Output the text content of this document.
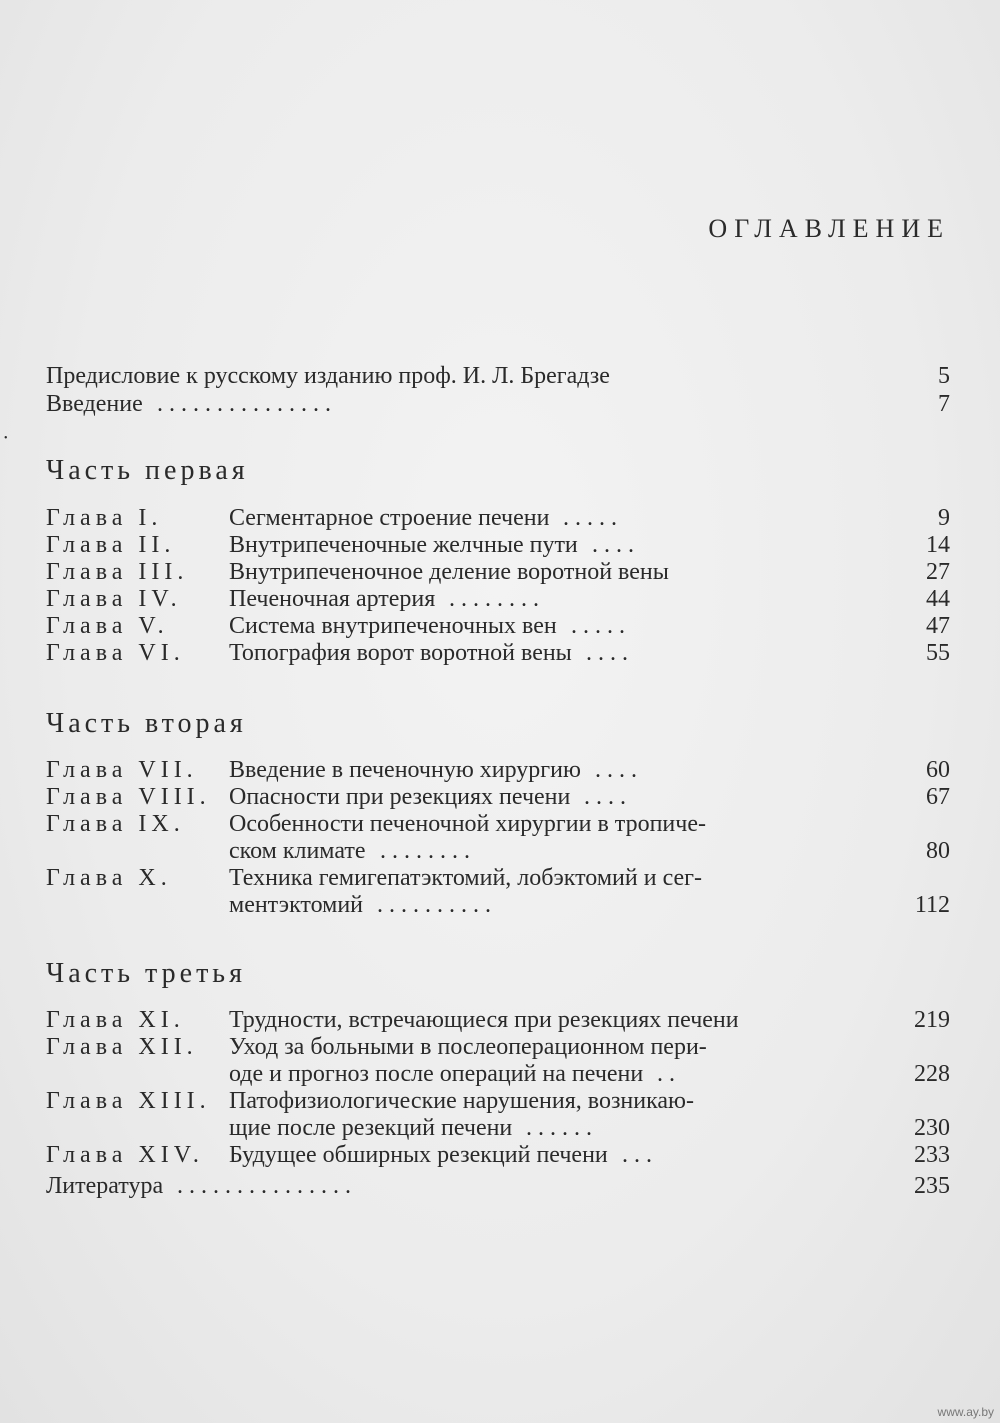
•
ОГЛАВЛЕНИЕ
Предисловие к русскому изданию проф. И. Л. Брегадзе	5
Введение . . . . . . . . . . . . . . .	7
Часть первая
Глава I.	Сегментарное строение печени . . . . .	9
Глава II. Внутрипеченочные желчные пути . . . .	14
Глава III. Внутрипеченочное деление воротной вены	27
Глава IV. Печеночная артерия . . . . . . . .	44
Глава V.	Система внутрипеченочных вен . . . . .	47
Глава VI. Топография ворот воротной вены . . . .	55
Часть вторая
Глава VII. Введение в печеночную хирургию . . . .	60
Глава VIII. Опасности при резекциях печени . . . .	67
Глава IX. Особенности печеночной хирургии в тропиче-
ском климате . . . . . . . .	80
Глава X. Техника гемигепатэктомий, лобэктомий и сег-
ментэктомий . . . . . . . . . .	112
Часть третья
Глава XI. Трудности, встречающиеся при резекциях печени	219
Глава XII. Уход за больными в послеоперационном пери-
оде и прогноз после операций на печени . .	228
Глава XIII. Патофизиологические нарушения, возникаю-
щие после резекций печени . . . . . .	230
Глава XIV. Будущее обширных резекций печени . . .	233
Литература . . . . . . . . . . . . . . .	235
www.ay.by
